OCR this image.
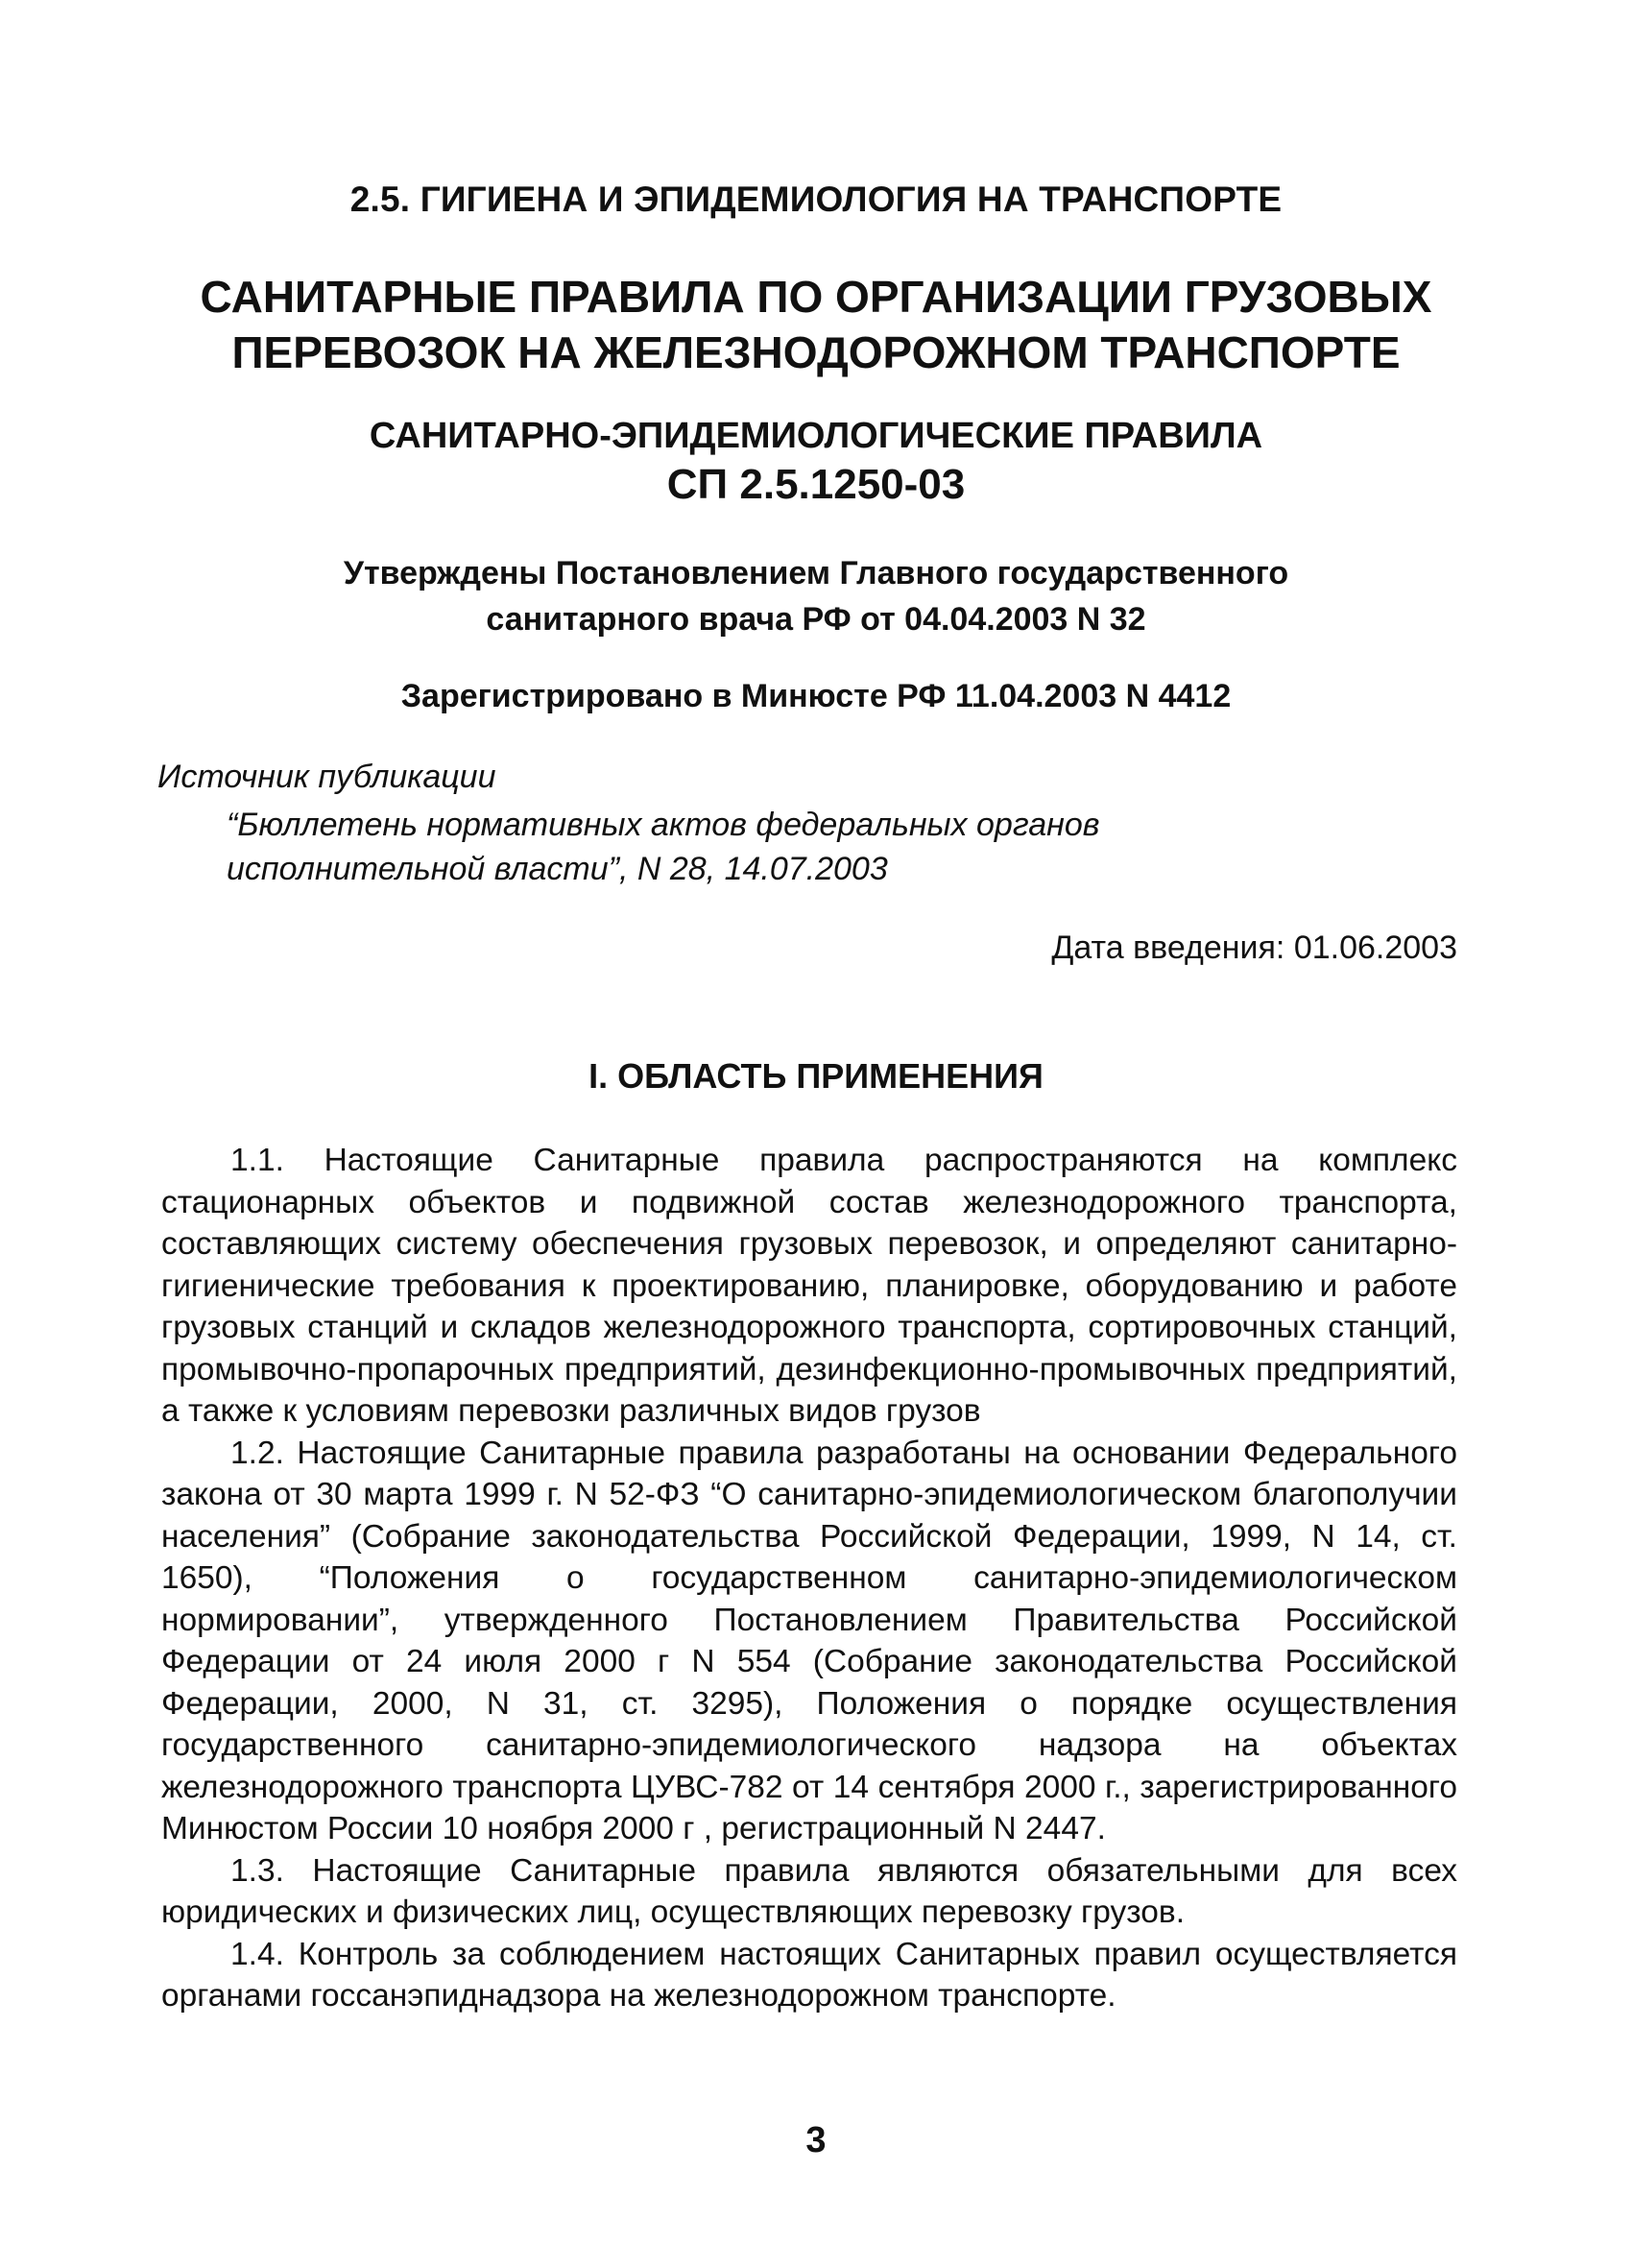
2.5. ГИГИЕНА И ЭПИДЕМИОЛОГИЯ НА ТРАНСПОРТЕ
САНИТАРНЫЕ ПРАВИЛА ПО ОРГАНИЗАЦИИ ГРУЗОВЫХ
ПЕРЕВОЗОК НА ЖЕЛЕЗНОДОРОЖНОМ ТРАНСПОРТЕ
САНИТАРНО-ЭПИДЕМИОЛОГИЧЕСКИЕ ПРАВИЛА
СП 2.5.1250-03
Утверждены Постановлением Главного государственного
санитарного врача РФ от 04.04.2003 N 32
Зарегистрировано в Минюсте РФ 11.04.2003 N 4412
Источник публикации
“Бюллетень нормативных актов федеральных органов
исполнительной власти”, N 28, 14.07.2003
Дата введения: 01.06.2003
I. ОБЛАСТЬ ПРИМЕНЕНИЯ

1.1. Настоящие Санитарные правила распространяются на комплекс стационарных объектов и подвижной состав железнодорожного транспорта, составляющих систему обеспечения грузовых перевозок, и определяют санитарно-гигиенические требования к проектированию, планировке, оборудованию и работе грузовых станций и складов железнодорожного транспорта, сортировочных станций, промывочно-пропарочных предприятий, дезинфекционно-промывочных предприятий, а также к условиям перевозки различных видов грузов

1.2. Настоящие Санитарные правила разработаны на основании Федерального закона от 30 марта 1999 г. N 52-ФЗ “О санитарно-эпидемиологическом благополучии населения” (Собрание законодательства Российской Федерации, 1999, N 14, ст. 1650), “Положения о государственном санитарно-эпидемиологическом нормировании”, утвержденного Постановлением Правительства Российской Федерации от 24 июля 2000 г N 554 (Собрание законодательства Российской Федерации, 2000, N 31, ст. 3295), Положения о порядке осуществления государственного санитарно-эпидемиологического надзора на объектах железнодорожного транспорта ЦУВС-782 от 14 сентября 2000 г., зарегистрированного Минюстом России 10 ноября 2000 г , регистрационный N 2447.

1.3. Настоящие Санитарные правила являются обязательными для всех юридических и физических лиц, осуществляющих перевозку грузов.

1.4. Контроль за соблюдением настоящих Санитарных правил осуществляется органами госсанэпиднадзора на железнодорожном транспорте.

3
